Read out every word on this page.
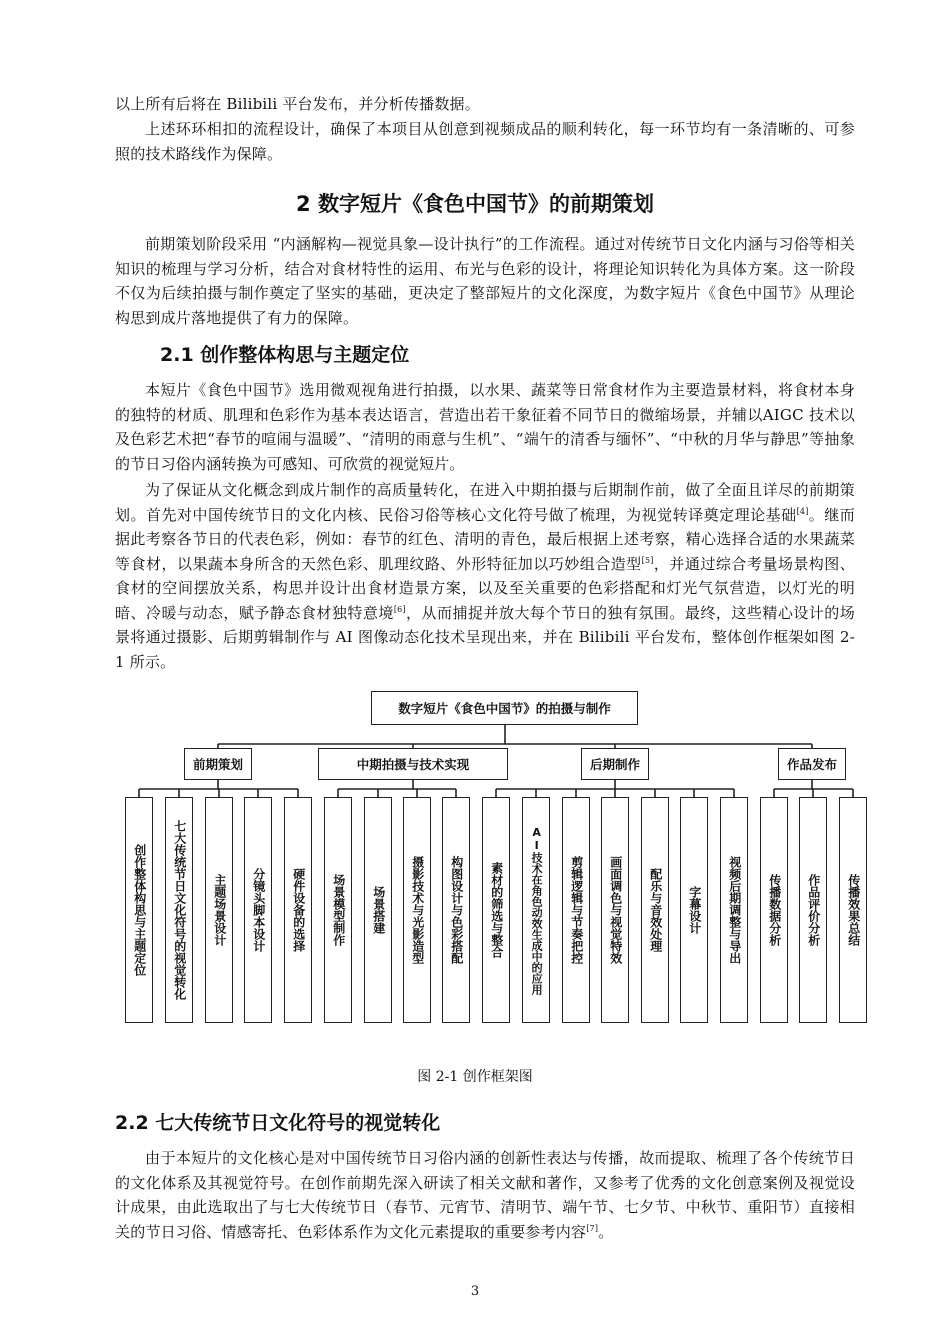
以上所有后将在 Bilibili 平台发布，并分析传播数据。

上述环环相扣的流程设计，确保了本项目从创意到视频成品的顺利转化，每一环节均有一条清晰的、可参照的技术路线作为保障。

2 数字短片《食色中国节》的前期策划

前期策划阶段采用 “内涵解构—视觉具象—设计执行”的工作流程。通过对传统节日文化内涵与习俗等相关知识的梳理与学习分析，结合对食材特性的运用、布光与色彩的设计，将理论知识转化为具体方案。这一阶段不仅为后续拍摄与制作奠定了坚实的基础，更决定了整部短片的文化深度，为数字短片《食色中国节》从理论构思到成片落地提供了有力的保障。

2.1 创作整体构思与主题定位

本短片《食色中国节》选用微观视角进行拍摄，以水果、蔬菜等日常食材作为主要造景材料，将食材本身的独特的材质、肌理和色彩作为基本表达语言，营造出若干象征着不同节日的微缩场景，并辅以AIGC 技术以及色彩艺术把“春节的喧闹与温暖”、“清明的雨意与生机”、“端午的清香与缅怀”、“中秋的月华与静思”等抽象的节日习俗内涵转换为可感知、可欣赏的视觉短片。

为了保证从文化概念到成片制作的高质量转化，在进入中期拍摄与后期制作前，做了全面且详尽的前期策划。首先对中国传统节日的文化内核、民俗习俗等核心文化符号做了梳理，为视觉转译奠定理论基础[4]。继而据此考察各节日的代表色彩，例如：春节的红色、清明的青色，最后根据上述考察，精心选择合适的水果蔬菜等食材，以果蔬本身所含的天然色彩、肌理纹路、外形特征加以巧妙组合造型[5]，并通过综合考量场景构图、食材的空间摆放关系，构思并设计出食材造景方案，以及至关重要的色彩搭配和灯光气氛营造，以灯光的明暗、冷暖与动态，赋予静态食材独特意境[6]，从而捕捉并放大每个节日的独有氛围。最终，这些精心设计的场景将通过摄影、后期剪辑制作与 AI 图像动态化技术呈现出来，并在 Bilibili 平台发布，整体创作框架如图 2-1 所示。

数字短片《食色中国节》的拍摄与制作
前期策划	中期拍摄与技术实现	后期制作	作品发布
创作整体构思与主题定位	七大传统节日文化符号的视觉转化	主题场景设计	分镜头脚本设计	硬件设备的选择	场景模型制作	场景搭建	摄影技术与光影造型	构图设计与色彩搭配	素材的筛选与整合	AI技术在角色动效生成中的应用	剪辑逻辑与节奏把控	画面调色与视觉特效	配乐与音效处理	字幕设计	视频后期调整与导出	传播数据分析	作品评价分析	传播效果总结
图 2-1 创作框架图
2.2 七大传统节日文化符号的视觉转化

由于本短片的文化核心是对中国传统节日习俗内涵的创新性表达与传播，故而提取、梳理了各个传统节日的文化体系及其视觉符号。在创作前期先深入研读了相关文献和著作，又参考了优秀的文化创意案例及视觉设计成果，由此选取出了与七大传统节日（春节、元宵节、清明节、端午节、七夕节、中秋节、重阳节）直接相关的节日习俗、情感寄托、色彩体系作为文化元素提取的重要参考内容[7]。

3
